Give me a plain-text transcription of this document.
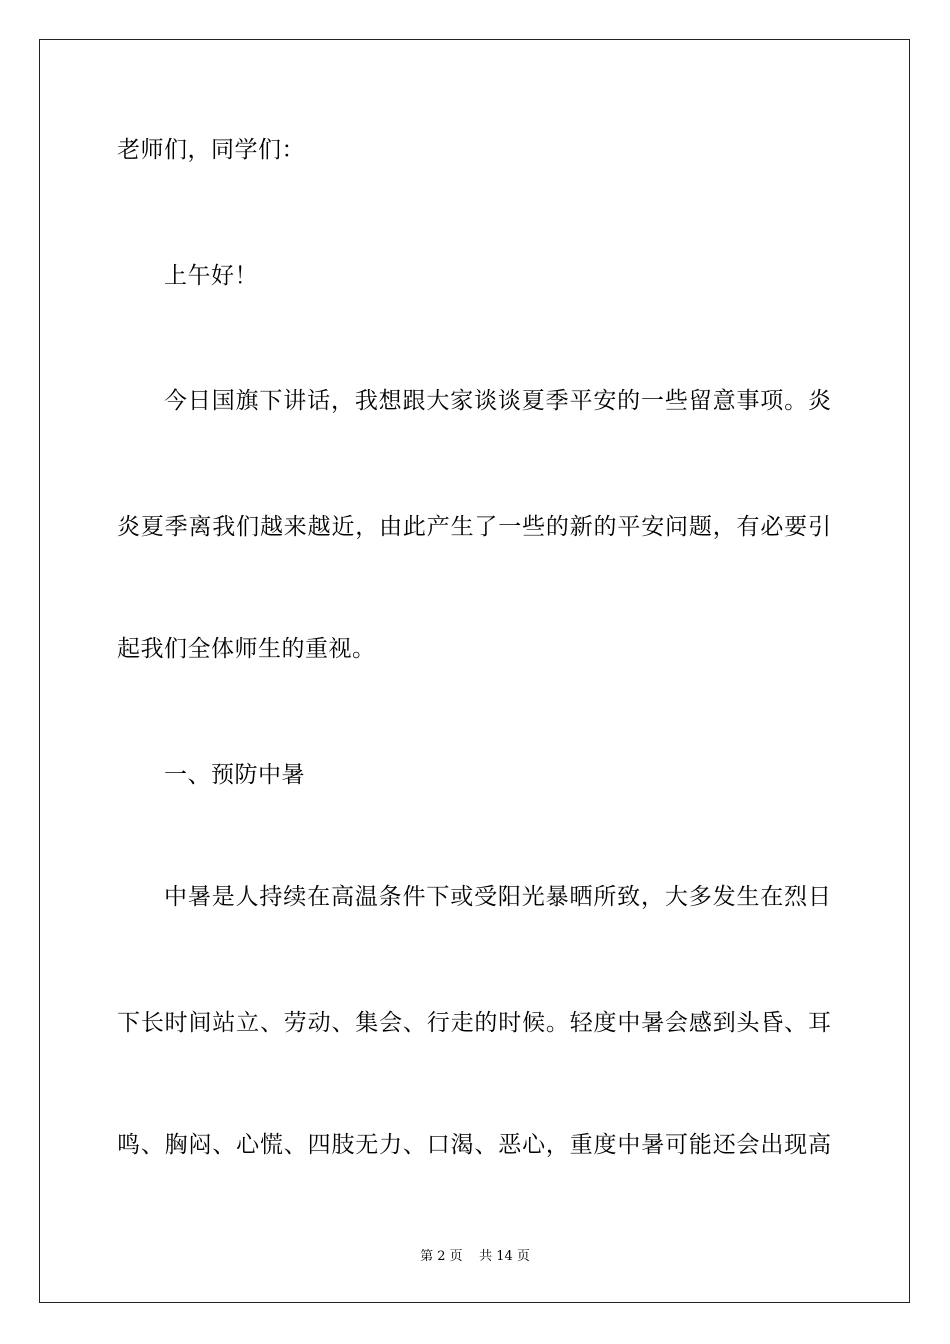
老师们，同学们：
上午好！
今日国旗下讲话，我想跟大家谈谈夏季平安的一些留意事项。炎
炎夏季离我们越来越近，由此产生了一些的新的平安问题，有必要引
起我们全体师生的重视。
一、预防中暑
中暑是人持续在高温条件下或受阳光暴晒所致，大多发生在烈日
下长时间站立、劳动、集会、行走的时候。轻度中暑会感到头昏、耳
鸣、胸闷、心慌、四肢无力、口渴、恶心，重度中暑可能还会出现高
第 2 页    共 14 页
